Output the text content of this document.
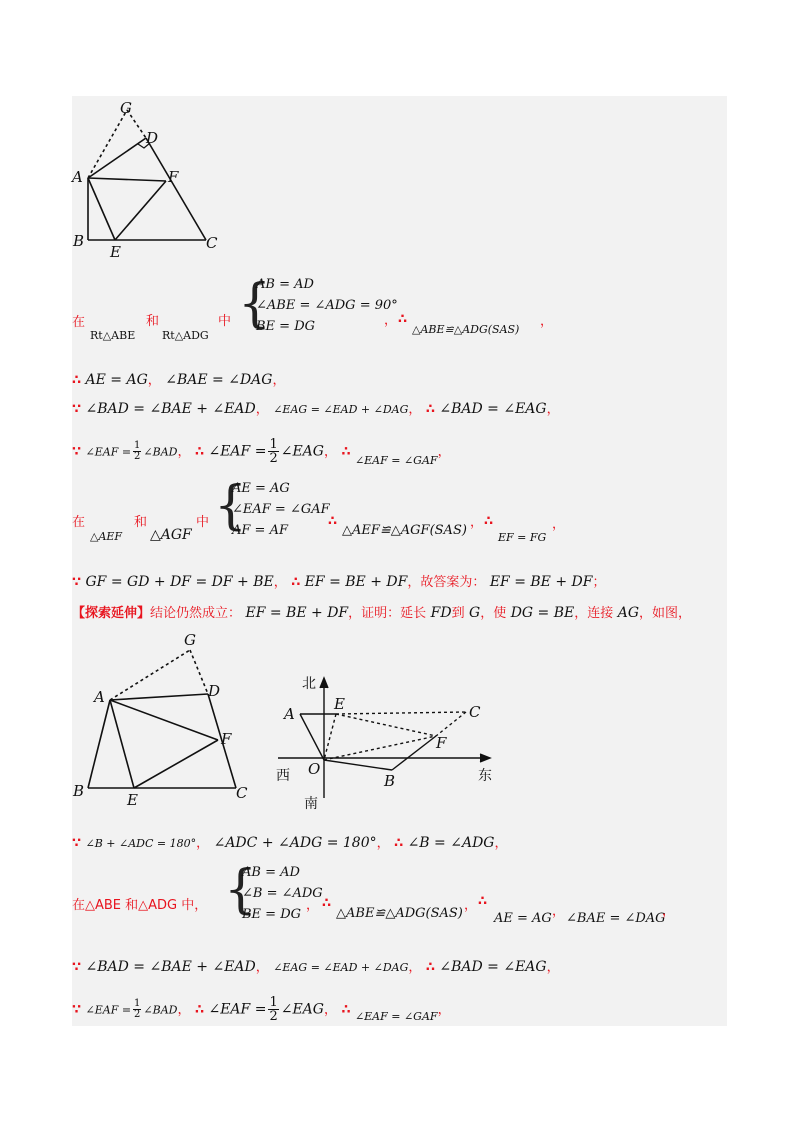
G
D
A	F
B
E	C
在
Rt△ABE
和
Rt△ADG
中 {
AB = AD
∠ABE = ∠ADG = 90°
BE = DG	， ∴
△ABE≌△ADG(SAS)
，
∴ AE = AG， ∠BAE = ∠DAG，
∵ ∠BAD = ∠BAE + ∠EAD， ∠EAG = ∠EAD + ∠DAG， ∴ ∠BAD = ∠EAG，
∵ ∠EAF = $\frac{1}{2}$ ∠BAD， ∴ ∠EAF = $\frac{1}{2}$ ∠EAG， ∴ $_{\angle EAF = \angle GAF}$，
在
△AEF
和
△AGF
中 {
AE = AG
∠EAF = ∠GAF
AF = AF
∴
△AEF≌△AGF(SAS)
， ∴
EF = FG
，
∵ GF = GD + DF = DF + BE， ∴ EF = BE + DF，故答案为： EF = BE + DF；
【探索延伸】结论仍然成立： EF = BE + DF，证明：延长 FD到 G，使 DG = BE，连接 AG，如图，
G
A	D
F
B	E	C
北
A
E	C
F
西 O
B	东
南
∵ ∠B + ∠ADC = 180°， ∠ADC + ∠ADG = 180°， ∴ ∠B = ∠ADG，
在△ABE 和△ADG 中， {
AB = AD
∠B = ∠ADG
BE = DG
， ∴
△ABE≌△ADG(SAS)
， ∴
AE = AG ， ∠BAE = ∠DAG
，
∵ ∠BAD = ∠BAE + ∠EAD， ∠EAG = ∠EAD + ∠DAG， ∴ ∠BAD = ∠EAG，
∵ ∠EAF = $\frac{1}{2}$ ∠BAD， ∴ ∠EAF = $\frac{1}{2}$ ∠EAG， ∴ $_{\angle EAF = \angle GAF}$，
